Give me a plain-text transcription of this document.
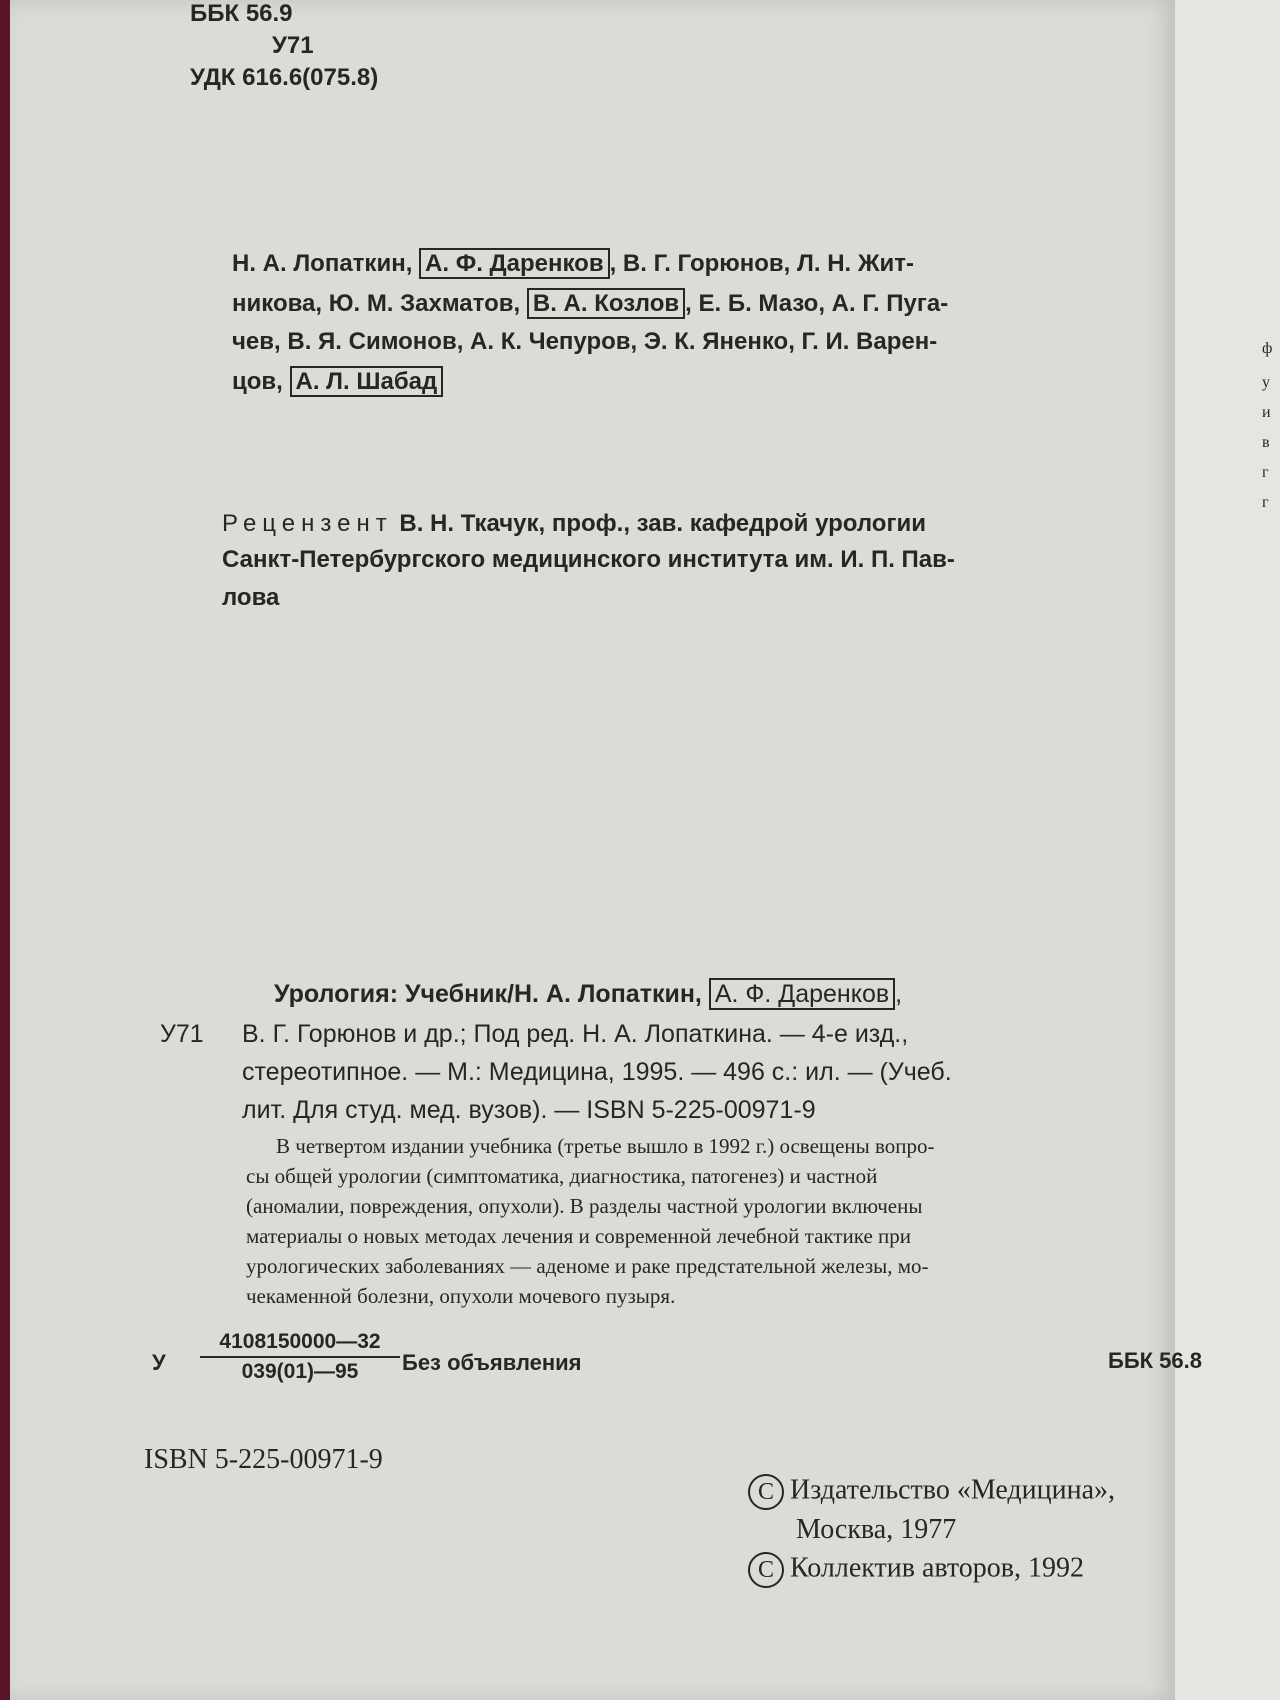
ф
у
и
в
г
г
ББК 56.9
У71
УДК 616.6(075.8)
Н. А. Лопаткин, А. Ф. Даренков , В. Г. Горюнов, Л. Н. Жит-
никова, Ю. М. Захматов, В. А. Козлов , Е. Б. Мазо, А. Г. Пуга-
чев, В. Я. Симонов, А. К. Чепуров, Э. К. Яненко, Г. И. Варен-
цов, А. Л. Шабад
Рецензент В. Н. Ткачук, проф., зав. кафедрой урологии
Санкт-Петербургского медицинского института им. И. П. Пав-
лова
Урология: Учебник/Н. А. Лопаткин, А. Ф. Даренков ,
У71 В. Г. Горюнов и др.; Под ред. Н. А. Лопаткина. — 4-е изд.,
стереотипное. — М.: Медицина, 1995. — 496 с.: ил. — (Учеб.
лит. Для студ. мед. вузов). — ISBN 5-225-00971-9
В четвертом издании учебника (третье вышло в 1992 г.) освещены вопро-
сы общей урологии (симптоматика, диагностика, патогенез) и частной
(аномалии, повреждения, опухоли). В разделы частной урологии включены
материалы о новых методах лечения и современной лечебной тактике при
урологических заболеваниях — аденоме и раке предстательной железы, мо-
чекаменной болезни, опухоли мочевого пузыря.
У $\frac{4108150000—32}{039(01)—95}$ Без объявления	ББК 56.8
ISBN 5-225-00971-9
C Издательство «Медицина»,
Москва, 1977
C Коллектив авторов, 1992
